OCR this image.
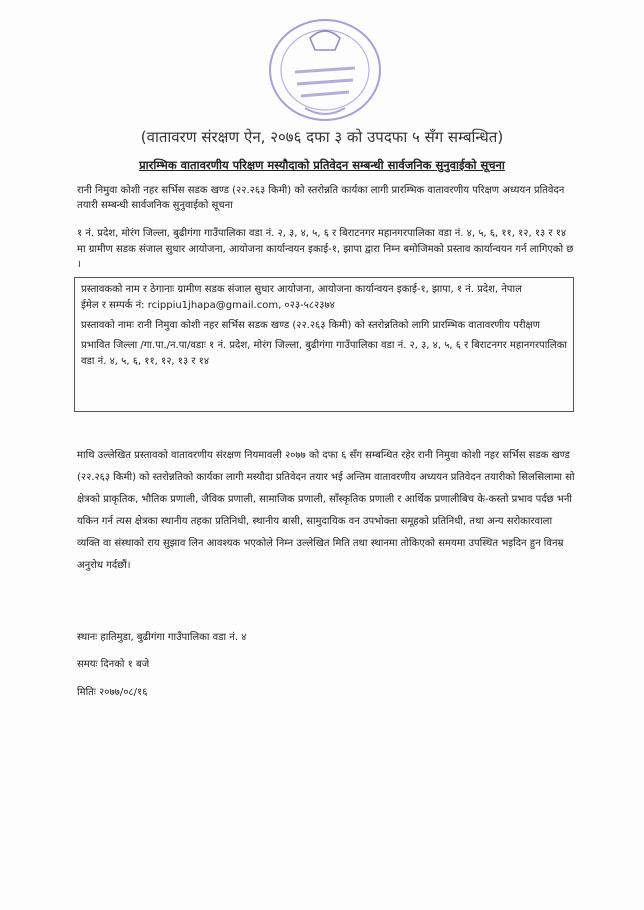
(वातावरण संरक्षण ऐन, २०७६ दफा ३ को उपदफा ५ सँग सम्बन्धित)
प्रारम्भिक वातावरणीय परिक्षण मस्यौदाको प्रतिवेदन सम्बन्धी सार्वजनिक सुनुवाईको सूचना
रानी निमुवा कोशी नहर सर्भिस सडक खण्ड (२२.२६३ किमी) को स्तरोन्नति कार्यका लागी प्रारम्भिक वातावरणीय परिक्षण अध्ययन प्रतिवेदन तयारी सम्बन्धी सार्वजनिक सुनुवाईको सूचना
१ नं. प्रदेश, मोरंग जिल्ला, बुढीगंगा गाउँपालिका वडा नं. २, ३, ४, ५, ६ र बिराटनगर महानगरपालिका वडा नं. ४, ५, ६, ११, १२, १३ र १४ मा ग्रामीण सडक संजाल सुधार आयोजना, आयोजना कार्यान्वयन इकाई-१, झापा द्वारा निम्न बमोजिमको प्रस्ताव कार्यान्वयन गर्न लागिएको छ ।

प्रस्तावकको नाम र ठेगानाः ग्रामीण सडक संजाल सुधार आयोजना, आयोजना कार्यान्वयन इकाई-१, झापा, १ नं. प्रदेश, नेपाल

ईमेल र सम्पर्क नं: rcippiu1jhapa@gmail.com, ०२३-५८२३७४

प्रस्तावको नामः रानी निमुवा कोशी नहर सर्भिस सडक खण्ड (२२.२६३ किमी) को स्तरोन्नतिको लागि प्रारम्भिक वातावरणीय परीक्षण

प्रभावित जिल्ला /गा.पा./न.पा/वडाः १ नं. प्रदेश, मोरंग जिल्ला, बुढीगंगा गाउँपालिका वडा नं. २, ३, ४, ५, ६ र बिराटनगर महानगरपालिका वडा नं. ४, ५, ६, ११, १२, १३ र १४

माथि उल्लेखित प्रस्तावको वातावरणीय संरक्षण नियमावली २०७७ को दफा ६ सँग सम्बन्धित रहेर रानी निमुवा कोशी नहर सर्भिस सडक खण्ड (२२.२६३ किमी) को स्तरोन्नतिको कार्यका लागी मस्यौदा प्रतिवेदन तयार भई अन्तिम वातावरणीय अध्ययन प्रतिवेदन तयारीको सिलसिलामा सो क्षेत्रको प्राकृतिक, भौतिक प्रणाली, जैविक प्रणाली, सामाजिक प्रणाली, साँस्कृतिक प्रणाली र आर्थिक प्रणालीबिच के-कस्तो प्रभाव पर्दछ भनी यकिन गर्न त्यस क्षेत्रका स्थानीय तहका प्रतिनिधी, स्थानीय बासी, सामुदायिक वन उपभोक्ता समूहको प्रतिनिधी, तथा अन्य सरोकारवाला व्यक्ति वा संस्थाको राय सुझाव लिन आवश्यक भएकोले निम्न उल्लेखित मिति तथा स्थानमा तोकिएको समयमा उपस्थित भइदिन हुन विनम्र अनुरोध गर्दछौं।
स्थानः हातिमुडा, बुढीगंगा गाउँपालिका वडा नं. ४
समयः दिनको १ बजे
मितिः २०७७/०८/१६
